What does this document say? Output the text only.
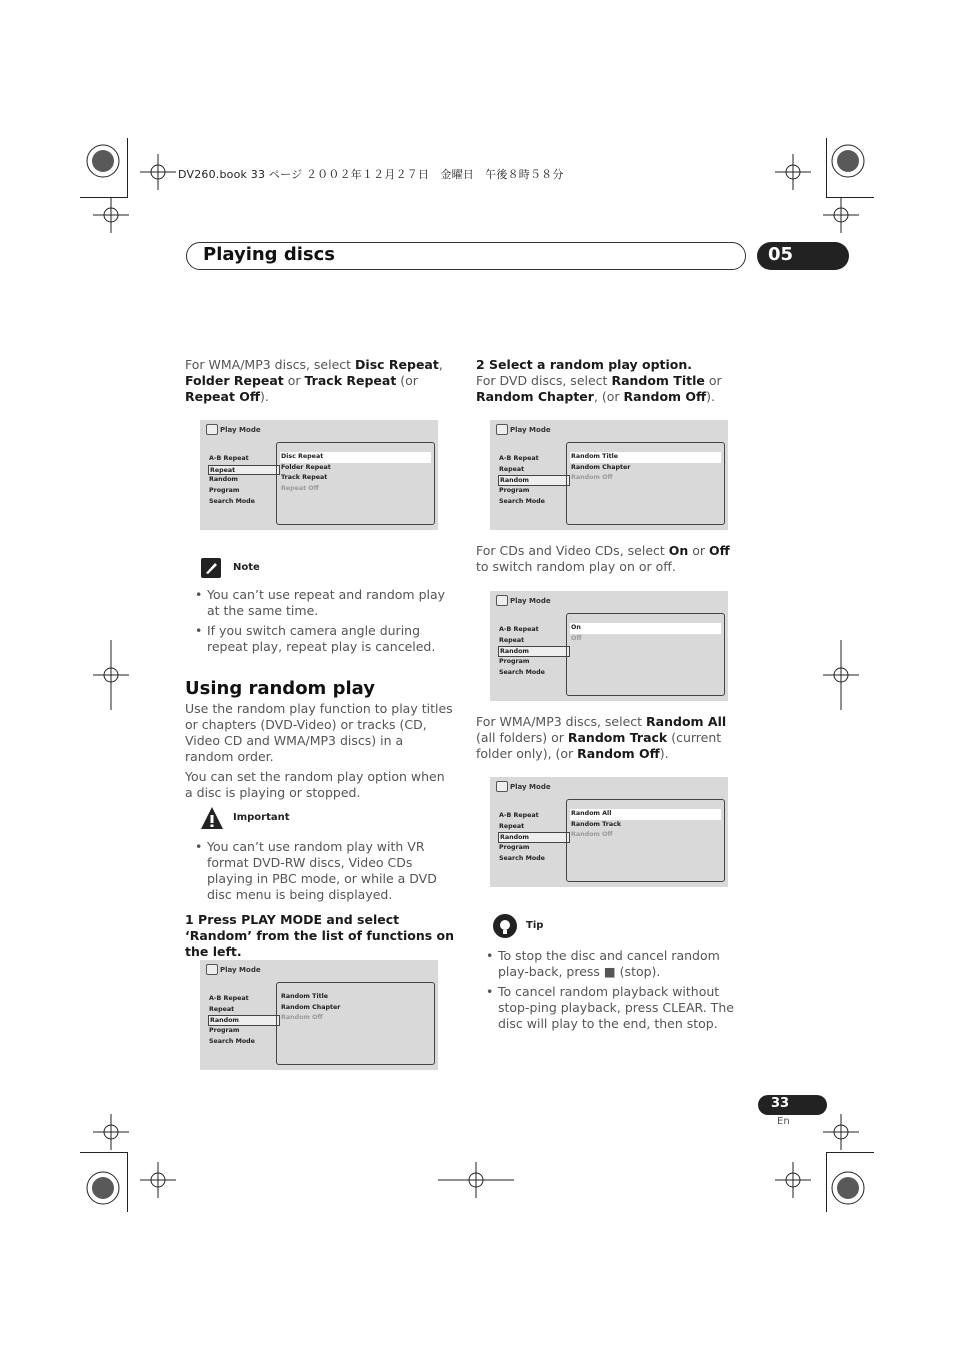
DV260.book 33 ページ ２００２年１２月２７日　金曜日　午後８時５８分
Playing discs	05

For WMA/MP3 discs, select Disc Repeat, Folder Repeat or Track Repeat (or Repeat Off).

Play Mode
A-B Repeat
Repeat
Random
Program
Search Mode
Disc Repeat
Folder Repeat
Track Repeat
Repeat Off
Note
• You can’t use repeat and random play at the same time.
• If you switch camera angle during repeat play, repeat play is canceled.
Using random play

Use the random play function to play titles or chapters (DVD-Video) or tracks (CD, Video CD and WMA/MP3 discs) in a random order.

You can set the random play option when a disc is playing or stopped.

Important
• You can’t use random play with VR format DVD-RW discs, Video CDs playing in PBC mode, or while a DVD disc menu is being displayed.
1 Press PLAY MODE and select ‘Random’ from the list of functions on the left.
Play Mode
A-B Repeat
Repeat
Random
Program
Search Mode
Random Title
Random Chapter
Random Off
2 Select a random play option.

For DVD discs, select Random Title or Random Chapter, (or Random Off).

Play Mode
A-B Repeat
Repeat
Random
Program
Search Mode
Random Title
Random Chapter
Random Off

For CDs and Video CDs, select On or Off to switch random play on or off.

Play Mode
A-B Repeat
Repeat
Random
Program
Search Mode
On
Off

For WMA/MP3 discs, select Random All (all folders) or Random Track (current folder only), (or Random Off).

Play Mode
A-B Repeat
Repeat
Random
Program
Search Mode
Random All
Random Track
Random Off
Tip
• To stop the disc and cancel random play-back, press ■ (stop).
• To cancel random playback without stop-ping playback, press CLEAR. The disc will play to the end, then stop.
33
En
